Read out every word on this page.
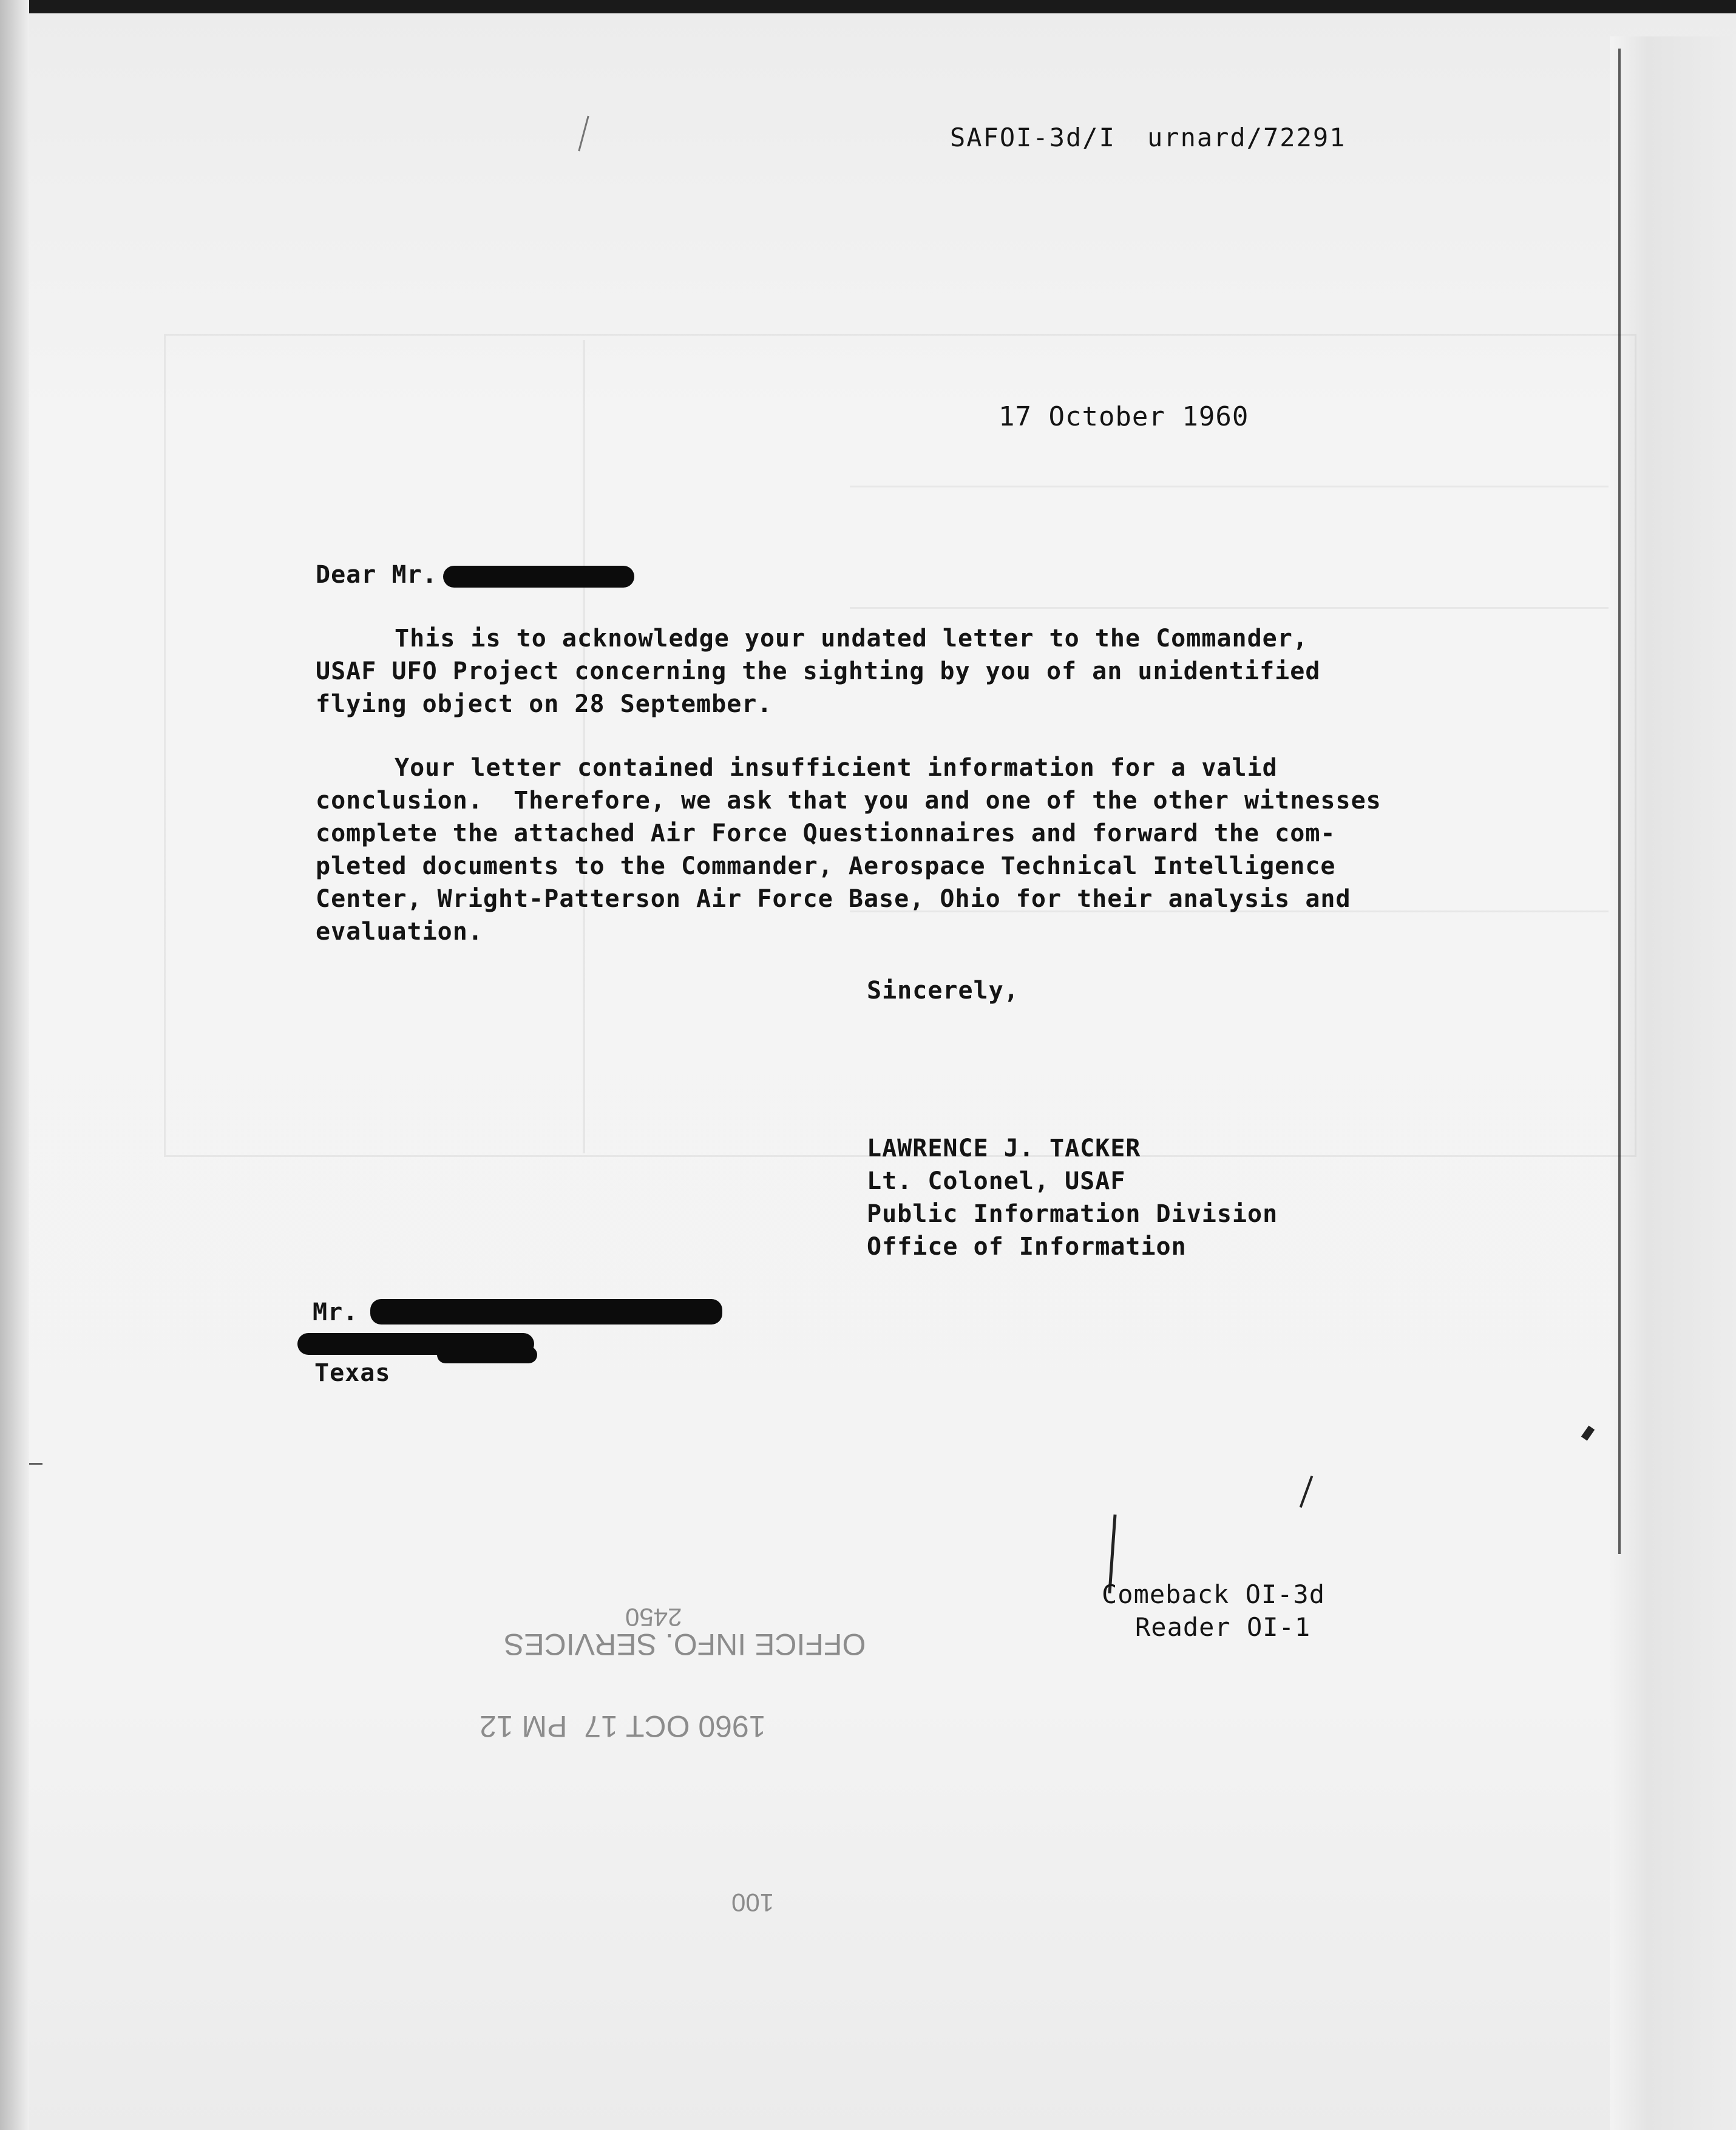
SAFOI-3d/I urnard/72291
17 October 1960
Dear Mr.
This is to acknowledge your undated letter to the Commander,
USAF UFO Project concerning the sighting by you of an unidentified
flying object on 28 September.
Your letter contained insufficient information for a valid
conclusion.  Therefore, we ask that you and one of the other witnesses
complete the attached Air Force Questionnaires and forward the com-
pleted documents to the Commander, Aerospace Technical Intelligence
Center, Wright-Patterson Air Force Base, Ohio for their analysis and
evaluation.
Sincerely,
LAWRENCE J. TACKER
Lt. Colonel, USAF
Public Information Division
Office of Information
Mr.
Texas
Comeback OI-3d
Reader OI-1
2450
OFFICE INFO. SERVICES
1960 OCT 17  PM 12
100
